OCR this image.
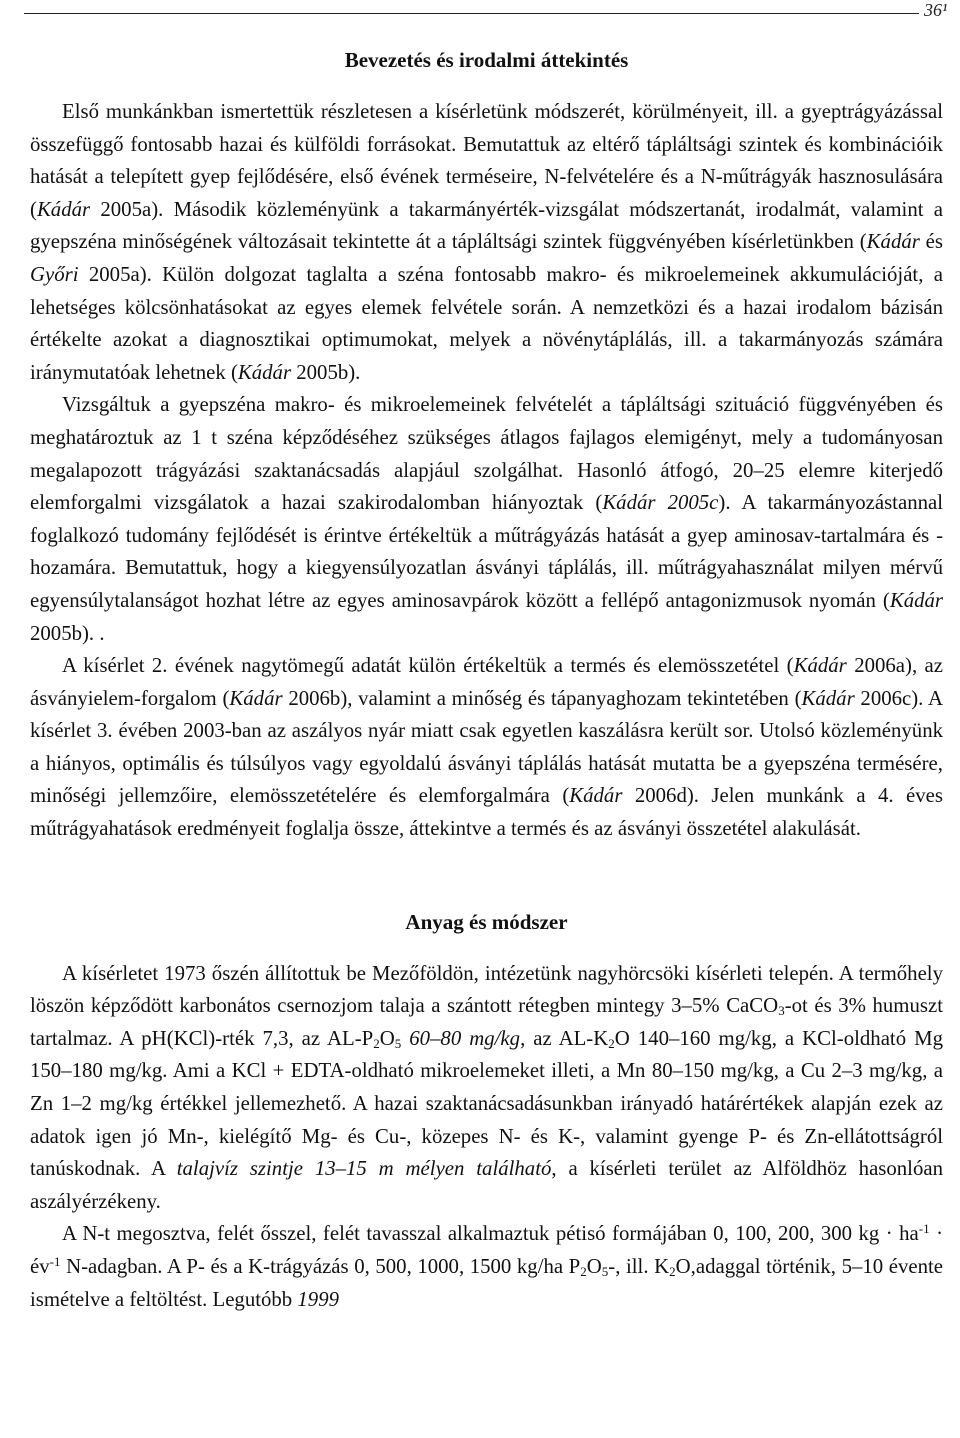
36¹
Bevezetés és irodalmi áttekintés

Első munkánkban ismertettük részletesen a kísérletünk módszerét, körülményeit, ill. a gyeptrágyázással összefüggő fontosabb hazai és külföldi forrásokat. Bemutattuk az eltérő tápláltsági szintek és kombinációik hatását a telepített gyep fejlődésére, első évének terméseire, N-felvételére és a N-műtrágyák hasznosulására (Kádár 2005a). Második közleményünk a takarmányérték-vizsgálat módszertanát, irodalmát, valamint a gyepszéna minőségének változásait tekintette át a tápláltsági szintek függvényében kísérletünkben (Kádár és Győri 2005a). Külön dolgozat taglalta a széna fontosabb makro- és mikroelemeinek akkumulációját, a lehetséges kölcsönhatásokat az egyes elemek felvétele során. A nemzetközi és a hazai irodalom bázisán értékelte azokat a diagnosztikai optimumokat, melyek a növénytáplálás, ill. a takarmányozás számára iránymutatóak lehetnek (Kádár 2005b).

Vizsgáltuk a gyepszéna makro- és mikroelemeinek felvételét a tápláltsági szituáció függvényében és meghatároztuk az 1 t széna képződéséhez szükséges átlagos fajlagos elemigényt, mely a tudományosan megalapozott trágyázási szaktanácsadás alapjául szolgálhat. Hasonló átfogó, 20–25 elemre kiterjedő elemforgalmi vizsgálatok a hazai szakirodalomban hiányoztak (Kádár 2005c). A takarmányozástannal foglalkozó tudomány fejlődését is érintve értékeltük a műtrágyázás hatását a gyep aminosav-tartalmára és -hozamára. Bemutattuk, hogy a kiegyensúlyozatlan ásványi táplálás, ill. műtrágyahasználat milyen mérvű egyensúlytalanságot hozhat létre az egyes aminosavpárok között a fellépő antagonizmusok nyomán (Kádár 2005b). .

A kísérlet 2. évének nagytömegű adatát külön értékeltük a termés és elemösszetétel (Kádár 2006a), az ásványielem-forgalom (Kádár 2006b), valamint a minőség és tápanyaghozam tekintetében (Kádár 2006c). A kísérlet 3. évében 2003-ban az aszályos nyár miatt csak egyetlen kaszálásra került sor. Utolsó közleményünk a hiányos, optimális és túlsúlyos vagy egyoldalú ásványi táplálás hatását mutatta be a gyepszéna termésére, minőségi jellemzőire, elemösszetételére és elemforgalmára (Kádár 2006d). Jelen munkánk a 4. éves műtrágyahatások eredményeit foglalja össze, áttekintve a termés és az ásványi összetétel alakulását.

Anyag és módszer

A kísérletet 1973 őszén állítottuk be Mezőföldön, intézetünk nagyhörcsöki kísérleti telepén. A termőhely löszön képződött karbonátos csernozjom talaja a szántott rétegben mintegy 3–5% CaCO$_3$-ot és 3% humuszt tartalmaz. A pH(KCl)-rték 7,3, az $AL-P_2O_5$ 60–80 mg/kg, az $AL-K_2O$ 140–160 mg/kg, a KCl-oldható Mg 150–180 mg/kg. Ami a KCl + EDTA-oldható mikroelemeket illeti, a Mn 80–150 mg/kg, a Cu 2–3 mg/kg, a Zn 1–2 mg/kg értékkel jellemezhető. A hazai szaktanácsadásunkban irányadó határértékek alapján ezek az adatok igen jó Mn-, kielégítő Mg- és Cu-, közepes N- és K-, valamint gyenge P- és Zn-ellátottságról tanúskodnak. A talajvíz szintje 13–15 m mélyen található, a kísérleti terület az Alföldhöz hasonlóan aszályérzékeny.

A N-t megosztva, felét ősszel, felét tavasszal alkalmaztuk pétisó formájában 0, 100, 200, 300 kg · $ha^{-1}$ · $év^{-1}$ N-adagban. A P- és a K-trágyázás 0, 500, 1000, 1500 kg/ha $P_2O_5-$, ill. $K_2O,adaggal$ történik, 5–10 évente ismételve a feltöltést. Legutóbb 1999
